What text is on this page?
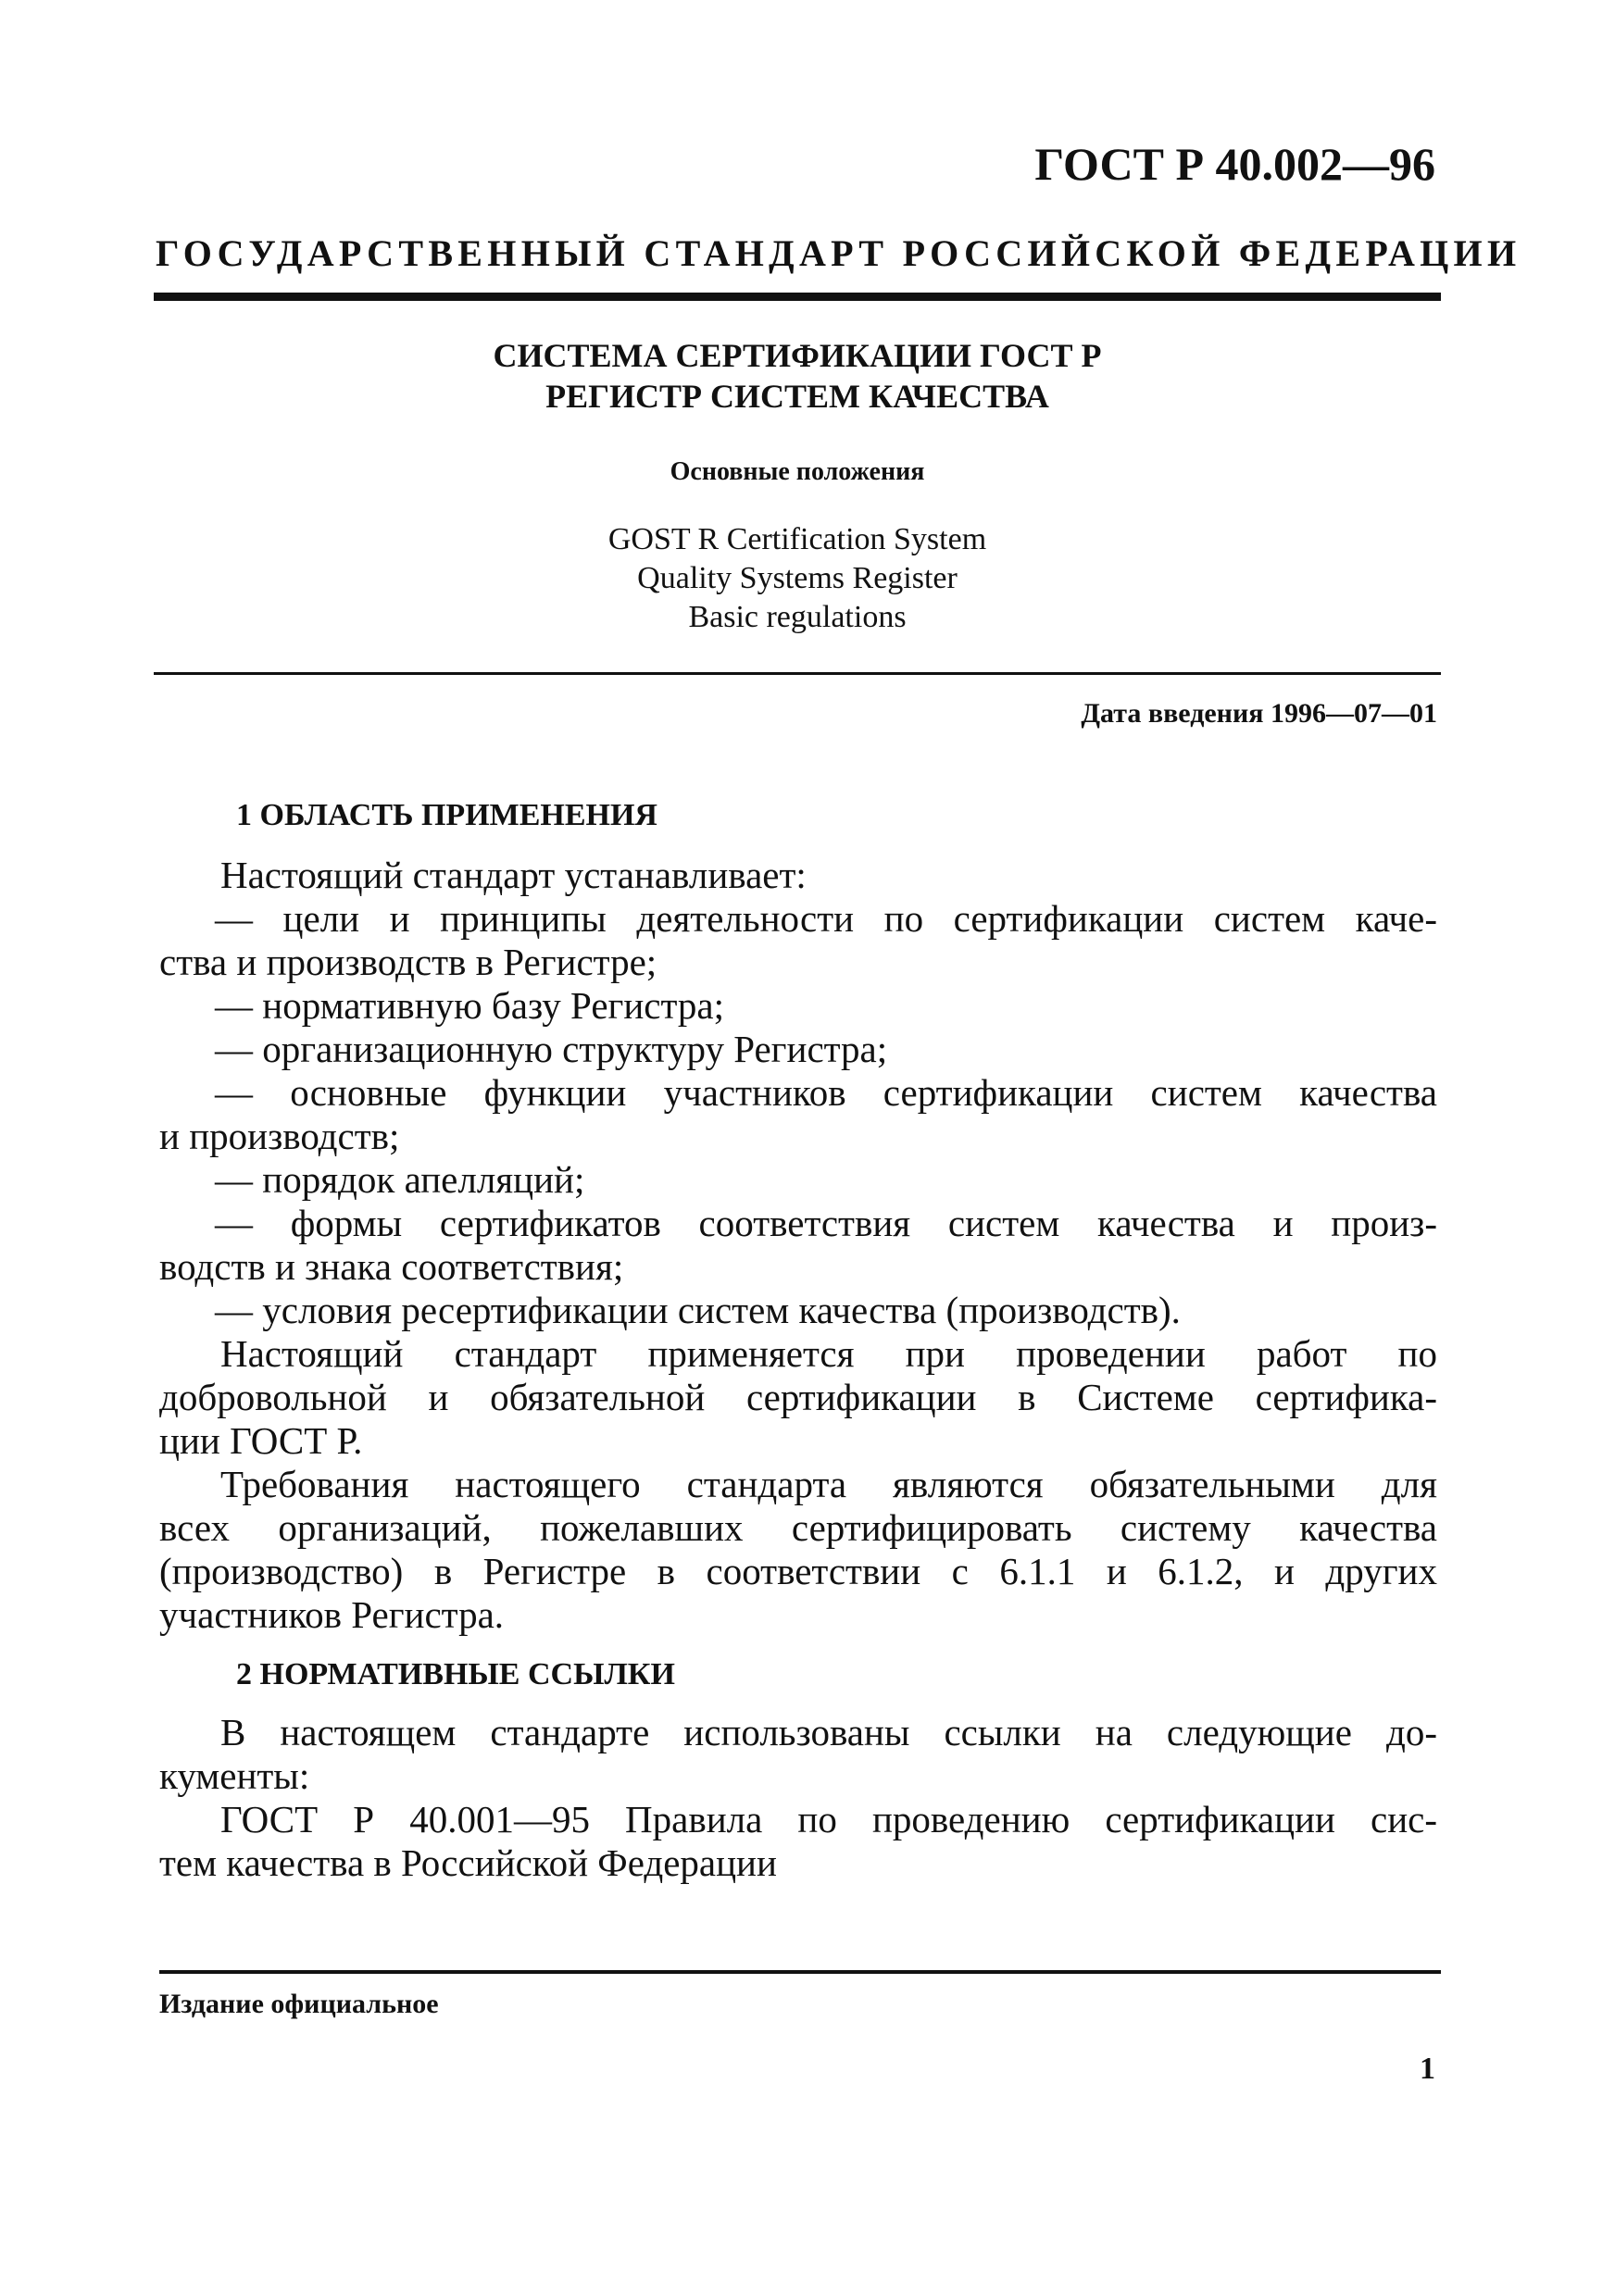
ГОСТ Р 40.002—96
ГОСУДАРСТВЕННЫЙ СТАНДАРТ РОССИЙСКОЙ ФЕДЕРАЦИИ
СИСТЕМА СЕРТИФИКАЦИИ ГОСТ Р
РЕГИСТР СИСТЕМ КАЧЕСТВА
Основные положения
GOST R Certification System
Quality Systems Register
Basic regulations
Дата введения 1996—07—01
1 ОБЛАСТЬ ПРИМЕНЕНИЯ
Настоящий стандарт устанавливает:
— цели и принципы деятельности по сертификации систем каче-
ства и производств в Регистре;
— нормативную базу Регистра;
— организационную структуру Регистра;
— основные функции участников сертификации систем качества
и производств;
— порядок апелляций;
— формы сертификатов соответствия систем качества и произ-
водств и знака соответствия;
— условия ресертификации систем качества (производств).
Настоящий стандарт применяется при проведении работ по
добровольной и обязательной сертификации в Системе сертифика-
ции ГОСТ Р.
Требования настоящего стандарта являются обязательными для
всех организаций, пожелавших сертифицировать систему качества
(производство) в Регистре в соответствии с 6.1.1 и 6.1.2, и других
участников Регистра.
2 НОРМАТИВНЫЕ ССЫЛКИ
В настоящем стандарте использованы ссылки на следующие до-
кументы:
ГОСТ Р 40.001—95 Правила по проведению сертификации сис-
тем качества в Российской Федерации
Издание официальное
1
